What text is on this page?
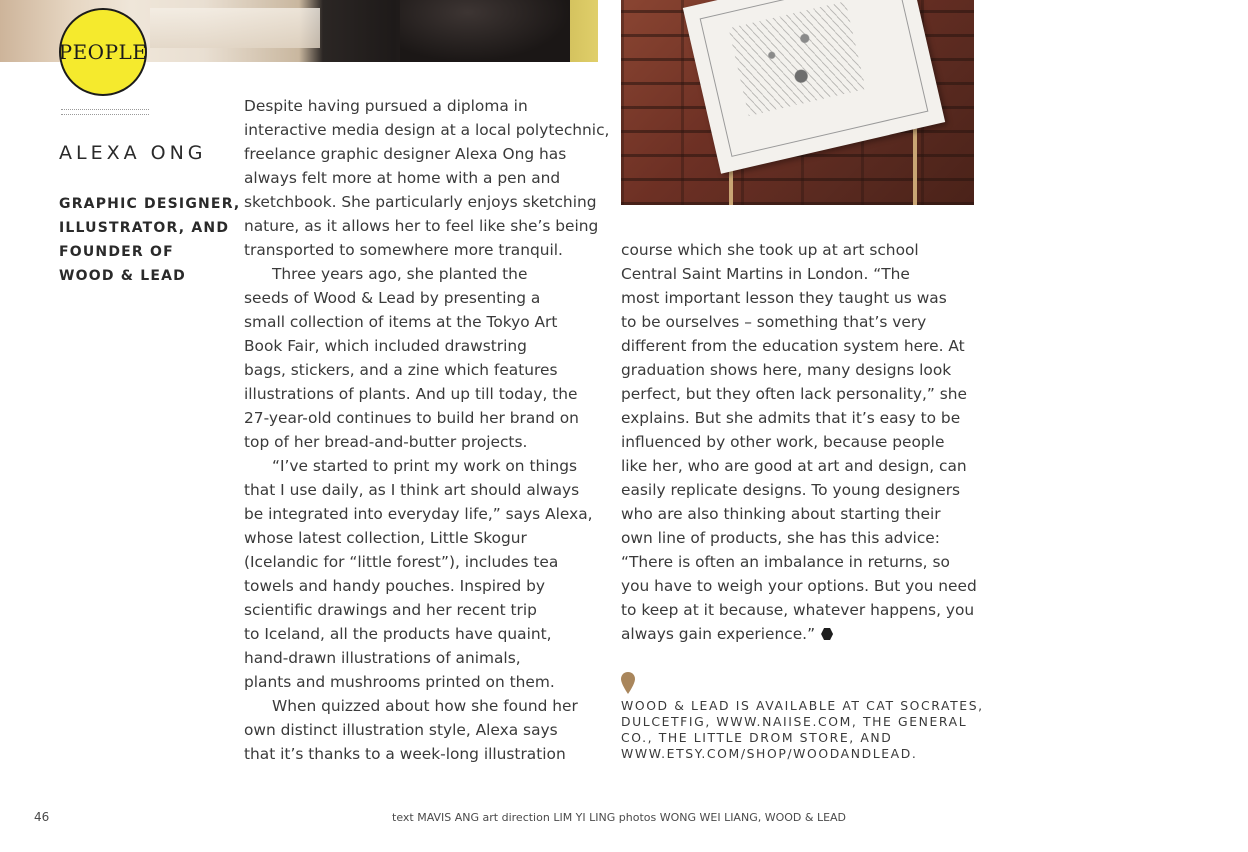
PEOPLE
ALEXA ONG
GRAPHIC DESIGNER,
ILLUSTRATOR, AND
FOUNDER OF
WOOD & LEAD

Despite having pursued a diploma in
interactive media design at a local polytechnic,
freelance graphic designer Alexa Ong has
always felt more at home with a pen and
sketchbook. She particularly enjoys sketching
nature, as it allows her to feel like she’s being
transported to somewhere more tranquil.

Three years ago, she planted the
seeds of Wood & Lead by presenting a
small collection of items at the Tokyo Art
Book Fair, which included drawstring
bags, stickers, and a zine which features
illustrations of plants. And up till today, the
27-year-old continues to build her brand on
top of her bread-and-butter projects.

“I’ve started to print my work on things
that I use daily, as I think art should always
be integrated into everyday life,” says Alexa,
whose latest collection, Little Skogur
(Icelandic for “little forest”), includes tea
towels and handy pouches. Inspired by
scientific drawings and her recent trip
to Iceland, all the products have quaint,
hand-drawn illustrations of animals,
plants and mushrooms printed on them.

When quizzed about how she found her
own distinct illustration style, Alexa says
that it’s thanks to a week-long illustration

course which she took up at art school
Central Saint Martins in London. “The
most important lesson they taught us was
to be ourselves – something that’s very
different from the education system here. At
graduation shows here, many designs look
perfect, but they often lack personality,” she
explains. But she admits that it’s easy to be
influenced by other work, because people
like her, who are good at art and design, can
easily replicate designs. To young designers
who are also thinking about starting their
own line of products, she has this advice:
“There is often an imbalance in returns, so
you have to weigh your options. But you need
to keep at it because, whatever happens, you
always gain experience.”
WOOD & LEAD IS AVAILABLE AT CAT SOCRATES,
DULCETFIG, WWW.NAIISE.COM, THE GENERAL
CO., THE LITTLE DROM STORE, AND
WWW.ETSY.COM/SHOP/WOODANDLEAD.
46	text MAVIS ANG art direction LIM YI LING photos WONG WEI LIANG, WOOD & LEAD
